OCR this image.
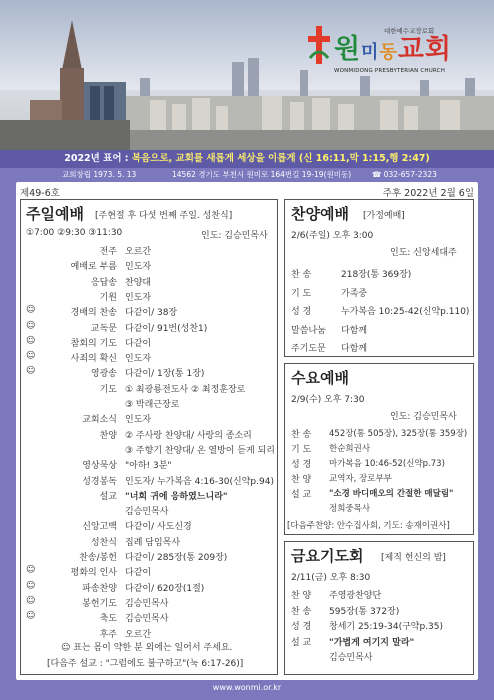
대한예수교장로회
원미동교회
WONMIDONG PRESBYTERIAN CHURCH
2022년 표어 : 복음으로, 교회를 새롭게 세상을 이롭게 (신 16:11,막 1:15,행 2:47)
교회창립 1973. 5. 13	14562 경기도 부천시 원미로 164번길 19-19(원미동)	☎ 032-657-2323
제49-6호	주후 2022년 2월 6일
주일예배 [주현절 후 다섯 번째 주일. 성찬식]
①7:00 ②9:30 ③11:30	인도: 김승민목사
전주 오르간
예배로 부름 인도자
응답송 찬양대
기원 인도자
☺	경배의 찬송 다같이/ 38장
☺	교독문 다같이/ 91번(성찬1)
☺	참회의 기도 다같이
☺	사죄의 확신 인도자
☺	영광송 다같이/ 1장(통 1장)
기도 ① 최광룡전도사 ② 최정훈장로
③ 박래근장로
교회소식 인도자
찬양 ② 주사랑 찬양대/ 사랑의 종소리
③ 주향기 찬양대/ 온 열방이 듣게 되리
영상묵상 "아하! 3분"
성경봉독 인도자/ 누가복음 4:16-30(신약p.94)
설교 "너희 귀에 응하였느니라"
김승민목사
신앙고백 다같이/ 사도신경
성찬식 집례 담임목사
찬송/봉헌 다같이/ 285장(통 209장)
☺	평화의 인사 다같이
☺	파송찬양 다같이/ 620장(1절)
☺	봉헌기도 김승민목사
☺	축도 김승민목사
후주 오르간
☺ 표는 몸이 약한 분 외에는 일어서 주세요.
[다음주 설교 : "그럼에도 불구하고"(눅 6:17-26)]
찬양예배 [가정예배]
2/6(주일) 오후 3:00
인도: 신앙세대주
찬 송	218장(통 369장)
기 도	가족중
성 경	누가복음 10:25-42(신약p.110)
말씀나눔 다함께
주기도문 다함께
수요예배
2/9(수) 오후 7:30
인도: 김승민목사
찬 송 452장(통 505장), 325장(통 359장)
기 도 한순희권사
성 경 마가복음 10:46-52(신약p.73)
찬 양 교역자, 장로부부
설 교 "소경 바디매오의 간절한 매달림"
정희중목사
[다음주찬양: 안수집사회, 기도: 송재이권사]
금요기도회 [제직 헌신의 밤]
2/11(금) 오후 8:30
찬 양 주영광찬양단
찬 송 595장(통 372장)
성 경 창세기 25:19-34(구약p.35)
설 교 "가볍게 여기지 말라"
김승민목사
www.wonmi.or.kr
